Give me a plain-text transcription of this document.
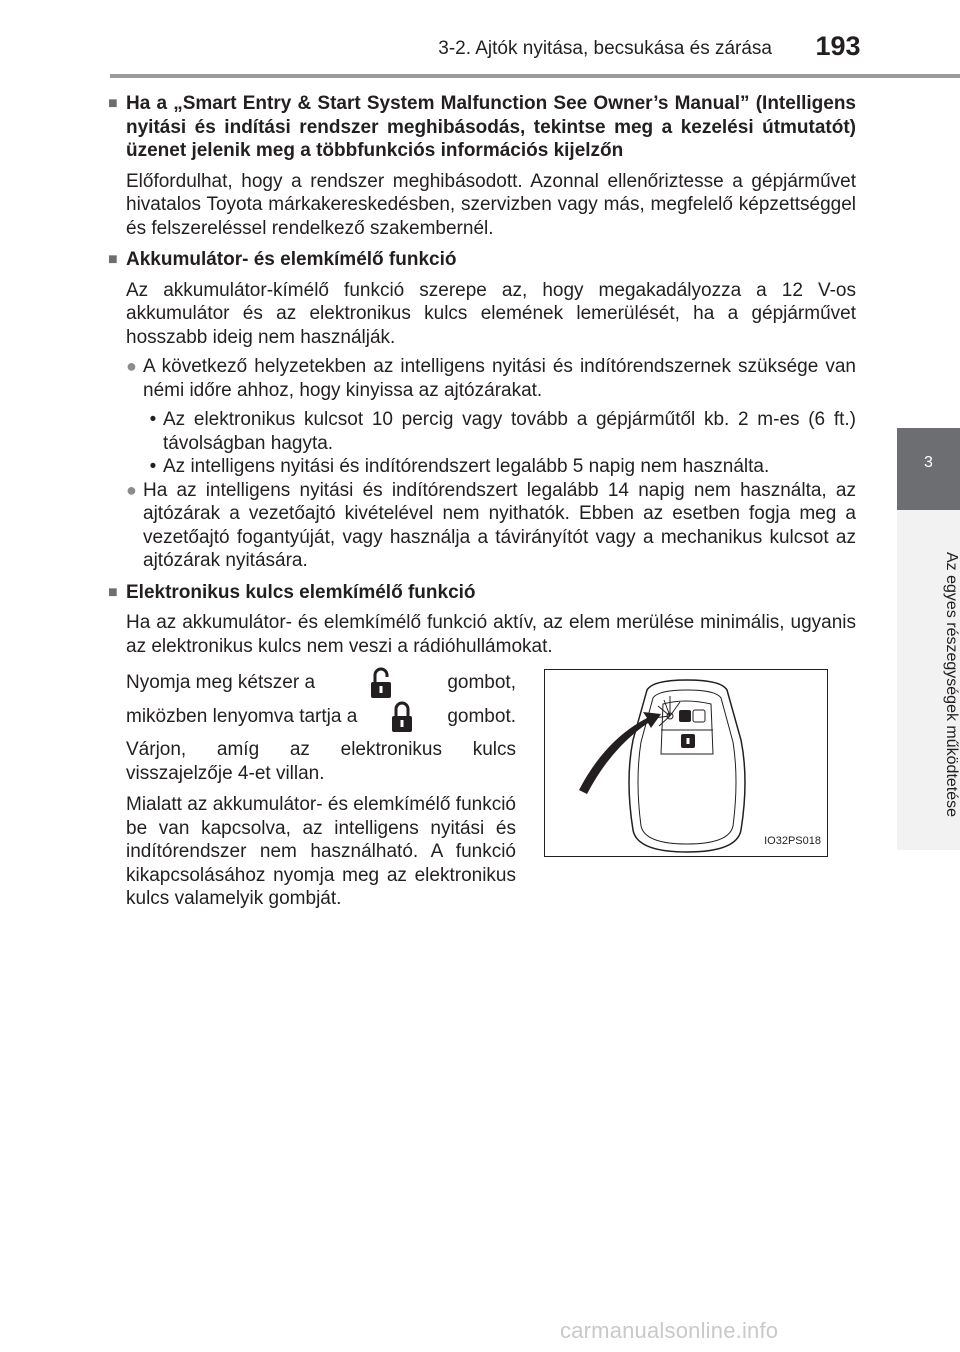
3-2. Ajtók nyitása, becsukása és zárása	193
3
Az egyes részegységek működtetése
■ Ha a „Smart Entry & Start System Malfunction See Owner’s Manual” (Intelligens nyitási és indítási rendszer meghibásodás, tekintse meg a kezelési útmutatót) üzenet jelenik meg a többfunkciós információs kijelzőn
Előfordulhat, hogy a rendszer meghibásodott. Azonnal ellenőriztesse a gépjárművet hivatalos Toyota márkakereskedésben, szervizben vagy más, megfelelő képzettséggel és felszereléssel rendelkező szakembernél.
■ Akkumulátor- és elemkímélő funkció
Az akkumulátor-kímélő funkció szerepe az, hogy megakadályozza a 12 V-os akkumulátor és az elektronikus kulcs elemének lemerülését, ha a gépjárművet hosszabb ideig nem használják.
● A következő helyzetekben az intelligens nyitási és indítórendszernek szüksége van némi időre ahhoz, hogy kinyissa az ajtózárakat.
• Az elektronikus kulcsot 10 percig vagy tovább a gépjárműtől kb. 2 m-es (6 ft.) távolságban hagyta.
• Az intelligens nyitási és indítórendszert legalább 5 napig nem használta.
● Ha az intelligens nyitási és indítórendszert legalább 14 napig nem használta, az ajtózárak a vezetőajtó kivételével nem nyithatók. Ebben az esetben fogja meg a vezetőajtó fogantyúját, vagy használja a távirányítót vagy a mechanikus kulcsot az ajtózárak nyitására.
■ Elektronikus kulcs elemkímélő funkció
Ha az akkumulátor- és elemkímélő funkció aktív, az elem merülése minimális, ugyanis az elektronikus kulcs nem veszi a rádióhullámokat.
Nyomja meg kétszer a	gombot,
miközben lenyomva tartja a	gombot.
Várjon, amíg az elektronikus kulcs visszajelzője 4-et villan.
Mialatt az akkumulátor- és elemkímélő funkció be van kapcsolva, az intelligens nyitási és indítórendszer nem használható. A funkció kikapcsolásához nyomja meg az elektronikus kulcs valamelyik gombját.
IO32PS018
carmanualsonline.info
